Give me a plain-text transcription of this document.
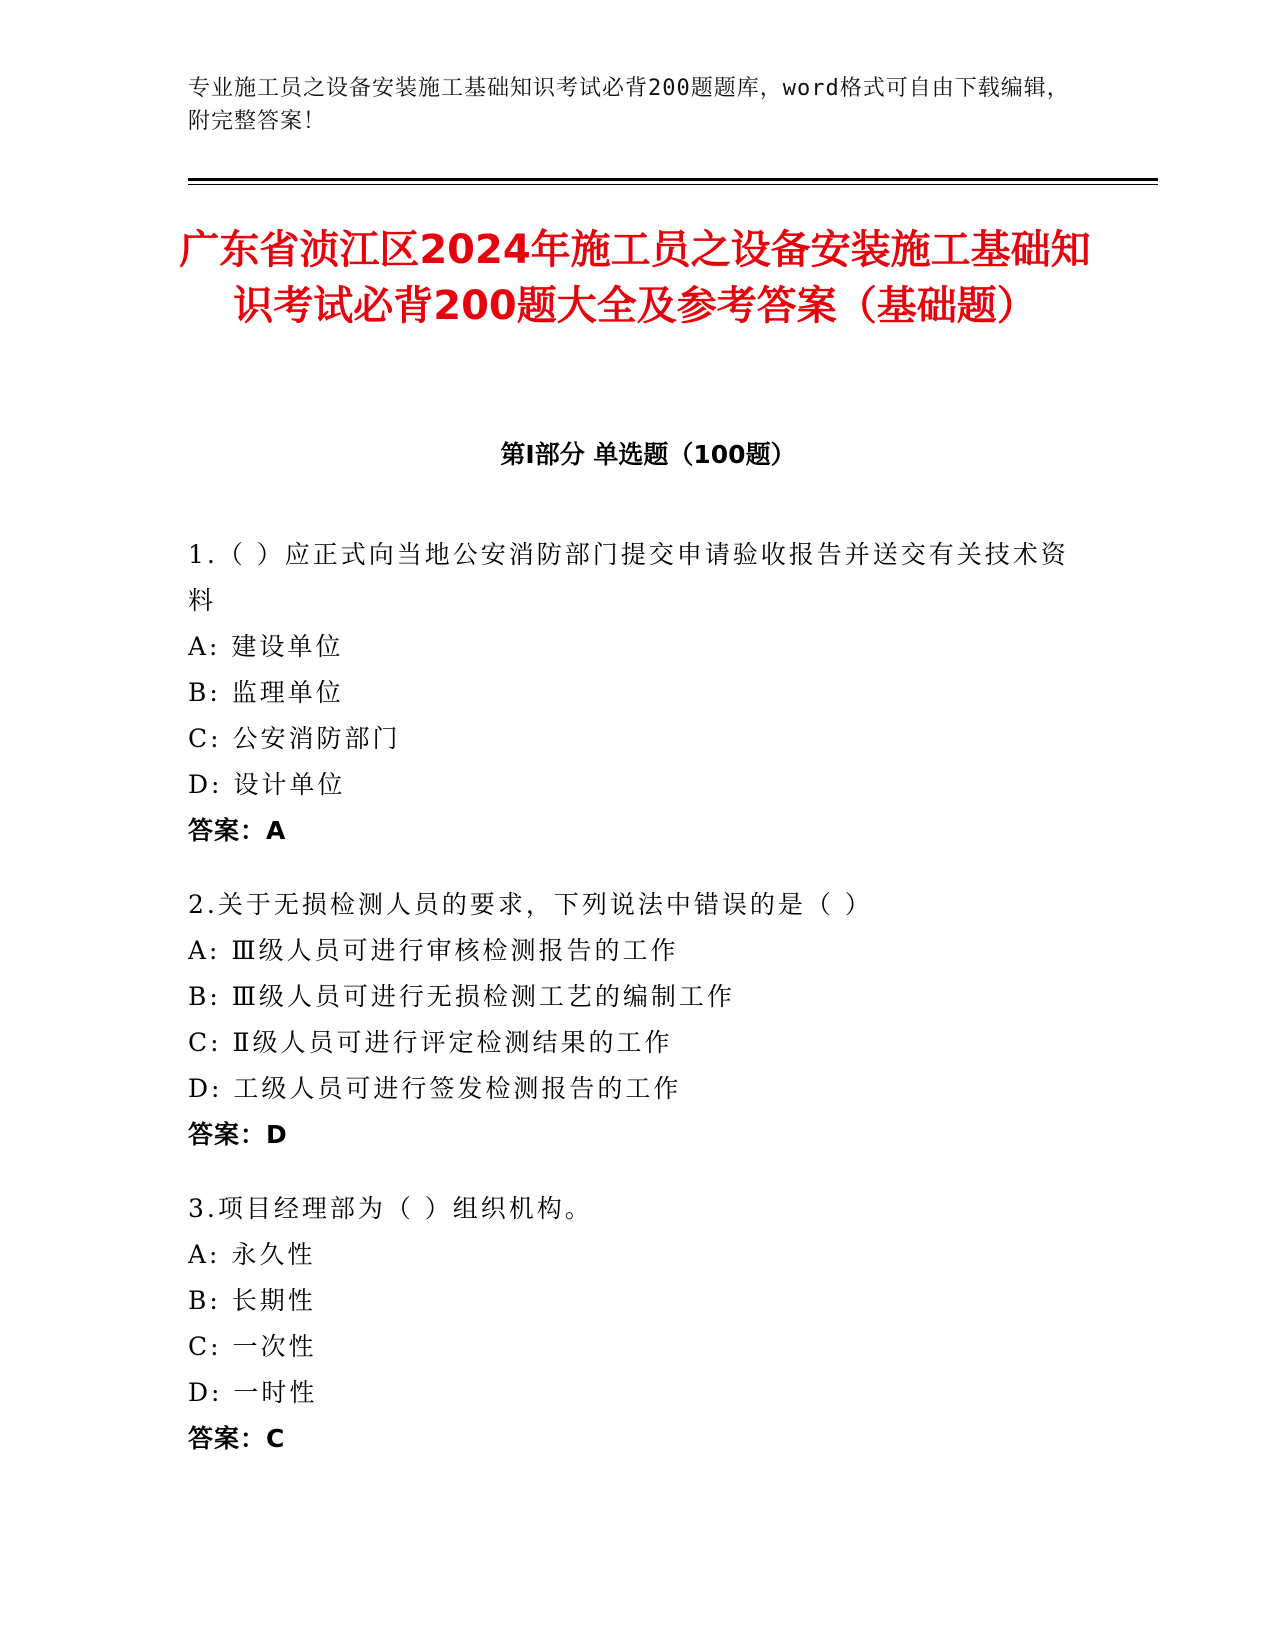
专业施工员之设备安装施工基础知识考试必背200题题库，word格式可自由下载编辑，附完整答案！
广东省浈江区2024年施工员之设备安装施工基础知识考试必背200题大全及参考答案（基础题）
第Ⅰ部分 单选题（100题）
1.（ ）应正式向当地公安消防部门提交申请验收报告并送交有关技术资料
A: 建设单位
B: 监理单位
C: 公安消防部门
D: 设计单位
答案：A
2.关于无损检测人员的要求，下列说法中错误的是（ ）
A: Ⅲ级人员可进行审核检测报告的工作
B: Ⅲ级人员可进行无损检测工艺的编制工作
C: Ⅱ级人员可进行评定检测结果的工作
D: 工级人员可进行签发检测报告的工作
答案：D
3.项目经理部为（ ）组织机构。
A: 永久性
B: 长期性
C: 一次性
D: 一时性
答案：C
